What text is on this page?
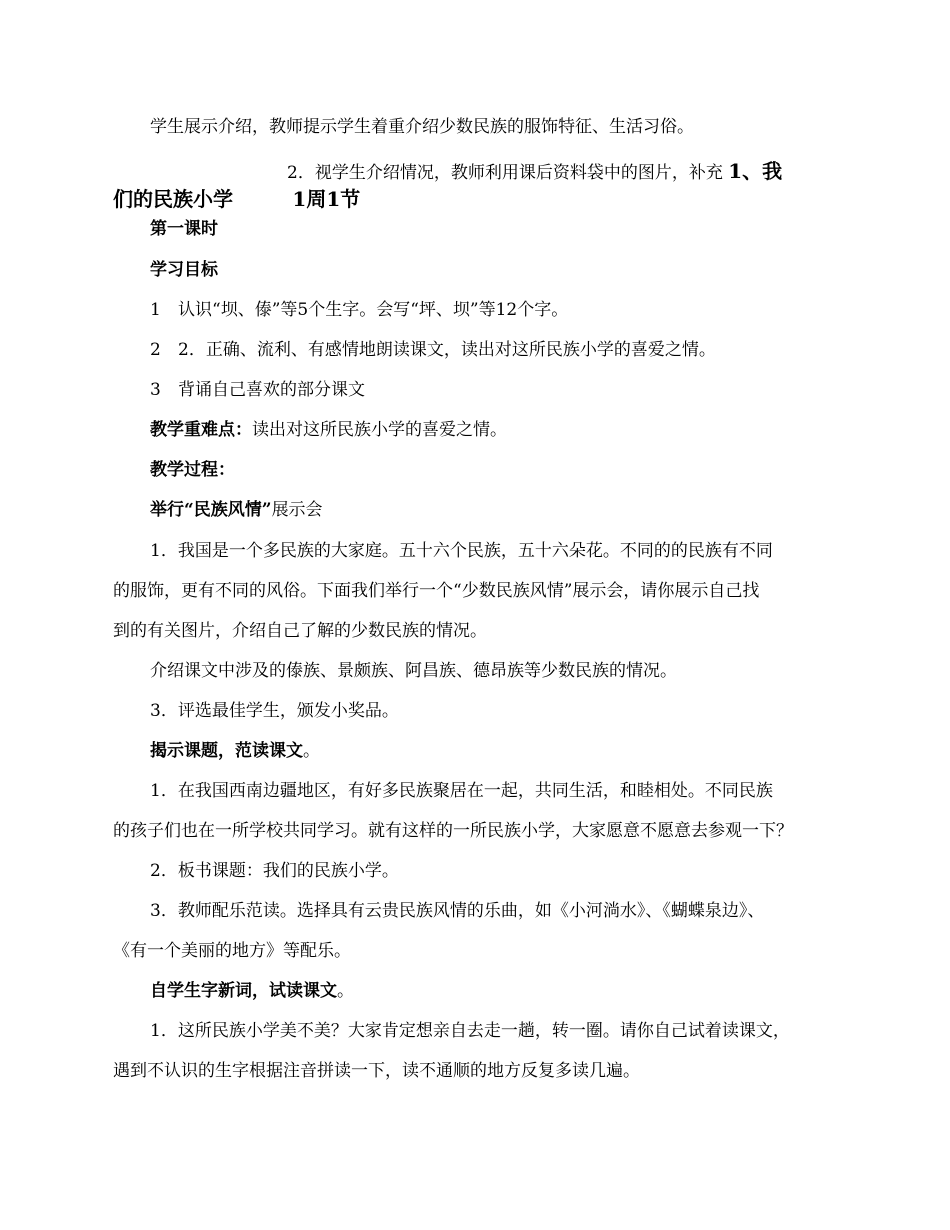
学生展示介绍，教师提示学生着重介绍少数民族的服饰特征、生活习俗。
2．视学生介绍情况，教师利用课后资料袋中的图片，补充 1、我
们的民族小学	1周1节
第一课时
学习目标
1 认识“坝、傣”等5个生字。会写“坪、坝”等12个字。
2 2．正确、流利、有感情地朗读课文，读出对这所民族小学的喜爱之情。
3 背诵自己喜欢的部分课文
教学重难点：读出对这所民族小学的喜爱之情。
教学过程：
举行“民族风情”展示会
1．我国是一个多民族的大家庭。五十六个民族，五十六朵花。不同的的民族有不同
的服饰，更有不同的风俗。下面我们举行一个“少数民族风情”展示会，请你展示自己找
到的有关图片，介绍自己了解的少数民族的情况。
介绍课文中涉及的傣族、景颇族、阿昌族、德昂族等少数民族的情况。
3．评选最佳学生，颁发小奖品。
揭示课题，范读课文。
1．在我国西南边疆地区，有好多民族聚居在一起，共同生活，和睦相处。不同民族
的孩子们也在一所学校共同学习。就有这样的一所民族小学，大家愿意不愿意去参观一下？
2．板书课题：我们的民族小学。
3．教师配乐范读。选择具有云贵民族风情的乐曲，如《小河淌水》、《蝴蝶泉边》、
《有一个美丽的地方》等配乐。
自学生字新词，试读课文。
1．这所民族小学美不美？大家肯定想亲自去走一趟，转一圈。请你自己试着读课文，
遇到不认识的生字根据注音拼读一下，读不通顺的地方反复多读几遍。
